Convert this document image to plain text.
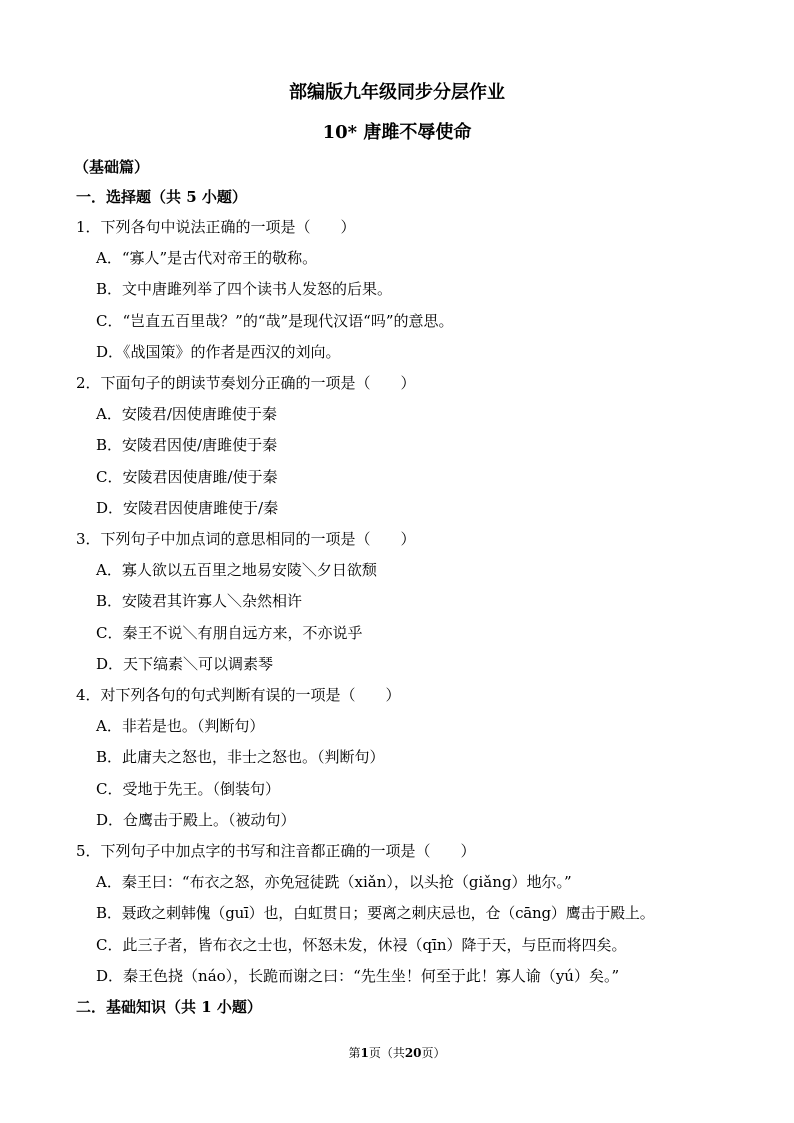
部编版九年级同步分层作业
10* 唐雎不辱使命
（基础篇）
一．选择题（共 5 小题）
1．下列各句中说法正确的一项是（　　）
A．“寡人”是古代对帝王的敬称。
B．文中唐雎列举了四个读书人发怒的后果。
C．“岂直五百里哉？”的“哉”是现代汉语“吗”的意思。
D．《战国策》的作者是西汉的刘向。
2．下面句子的朗读节奏划分正确的一项是（　　）
A．安陵君/因使唐雎使于秦
B．安陵君因使/唐雎使于秦
C．安陵君因使唐雎/使于秦
D．安陵君因使唐雎使于/秦
3．下列句子中加点词的意思相同的一项是（　　）
A．寡人欲以五百里之地易安陵＼夕日欲颓
B．安陵君其许寡人＼杂然相许
C．秦王不说＼有朋自远方来，不亦说乎
D．天下缟素＼可以调素琴
4．对下列各句的句式判断有误的一项是（　　）
A．非若是也。（判断句）
B．此庸夫之怒也，非士之怒也。（判断句）
C．受地于先王。（倒装句）
D．仓鹰击于殿上。（被动句）
5．下列句子中加点字的书写和注音都正确的一项是（　　）
A．秦王曰：“布衣之怒，亦免冠徒跣（xiǎn），以头抢（giǎng）地尔。”
B．聂政之刺韩傀（guī）也，白虹贯日；要离之刺庆忌也，仓（cāng）鹰击于殿上。
C．此三子者，皆布衣之士也，怀怒未发，休祲（qīn）降于天，与臣而将四矣。
D．秦王色挠（náo），长跪而谢之曰：“先生坐！何至于此！寡人谕（yú）矣。”
二．基础知识（共 1 小题）
第1页（共20页）
